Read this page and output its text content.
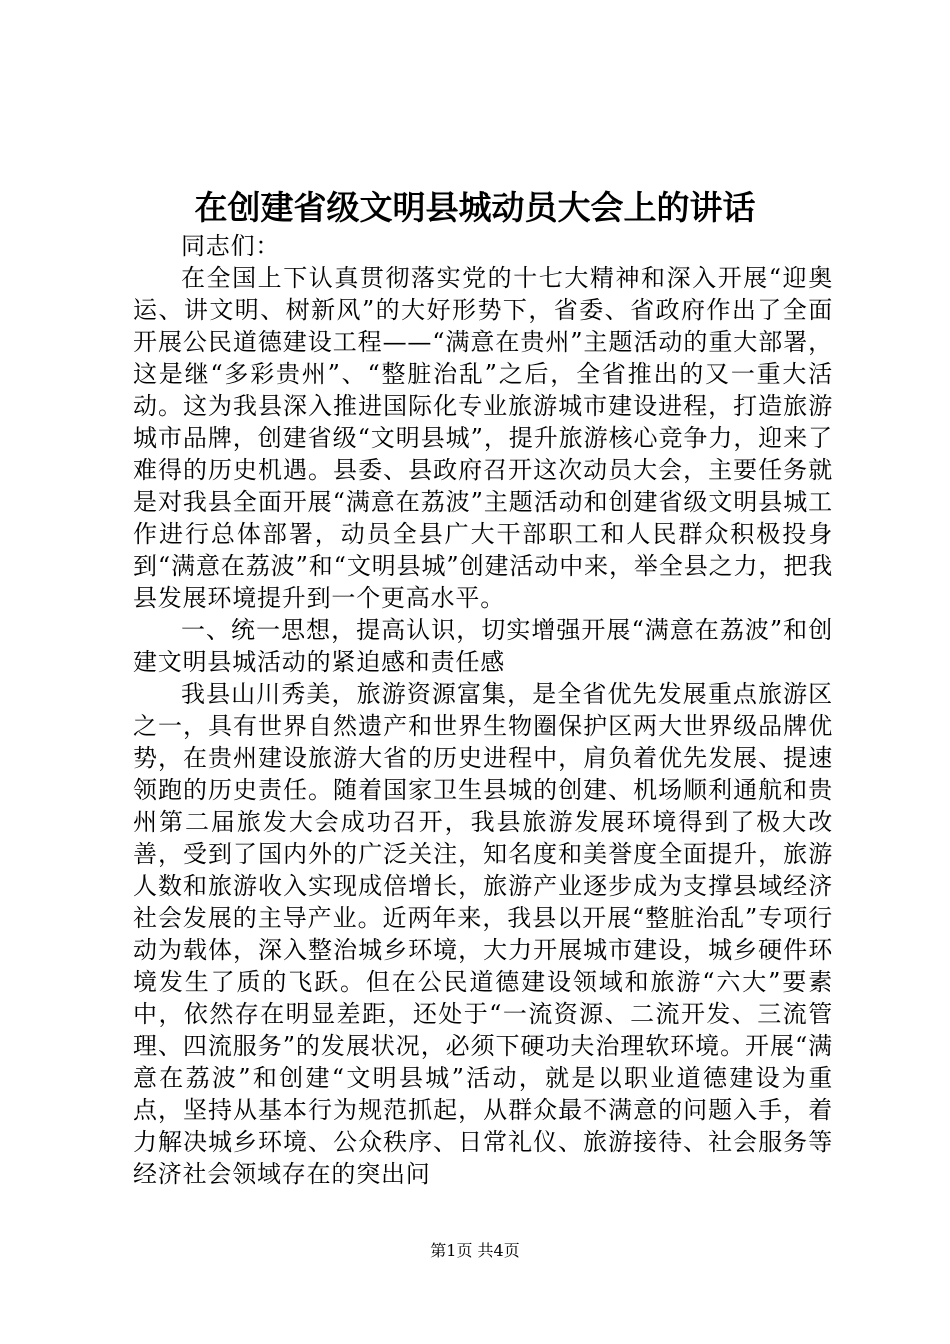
在创建省级文明县城动员大会上的讲话

同志们：

在全国上下认真贯彻落实党的十七大精神和深入开展“迎奥运、讲文明、树新风”的大好形势下，省委、省政府作出了全面开展公民道德建设工程——“满意在贵州”主题活动的重大部署，这是继“多彩贵州”、“整脏治乱”之后，全省推出的又一重大活动。这为我县深入推进国际化专业旅游城市建设进程，打造旅游城市品牌，创建省级“文明县城”，提升旅游核心竞争力，迎来了难得的历史机遇。县委、县政府召开这次动员大会，主要任务就是对我县全面开展“满意在荔波”主题活动和创建省级文明县城工作进行总体部署，动员全县广大干部职工和人民群众积极投身到“满意在荔波”和“文明县城”创建活动中来，举全县之力，把我县发展环境提升到一个更高水平。

一、统一思想，提高认识，切实增强开展“满意在荔波”和创建文明县城活动的紧迫感和责任感

我县山川秀美，旅游资源富集，是全省优先发展重点旅游区之一，具有世界自然遗产和世界生物圈保护区两大世界级品牌优势，在贵州建设旅游大省的历史进程中，肩负着优先发展、提速领跑的历史责任。随着国家卫生县城的创建、机场顺利通航和贵州第二届旅发大会成功召开，我县旅游发展环境得到了极大改善，受到了国内外的广泛关注，知名度和美誉度全面提升，旅游人数和旅游收入实现成倍增长，旅游产业逐步成为支撑县域经济社会发展的主导产业。近两年来，我县以开展“整脏治乱”专项行动为载体，深入整治城乡环境，大力开展城市建设，城乡硬件环境发生了质的飞跃。但在公民道德建设领域和旅游“六大”要素中，依然存在明显差距，还处于“一流资源、二流开发、三流管理、四流服务”的发展状况，必须下硬功夫治理软环境。开展“满意在荔波”和创建“文明县城”活动，就是以职业道德建设为重点，坚持从基本行为规范抓起，从群众最不满意的问题入手，着力解决城乡环境、公众秩序、日常礼仪、旅游接待、社会服务等经济社会领域存在的突出问

第1页 共4页
